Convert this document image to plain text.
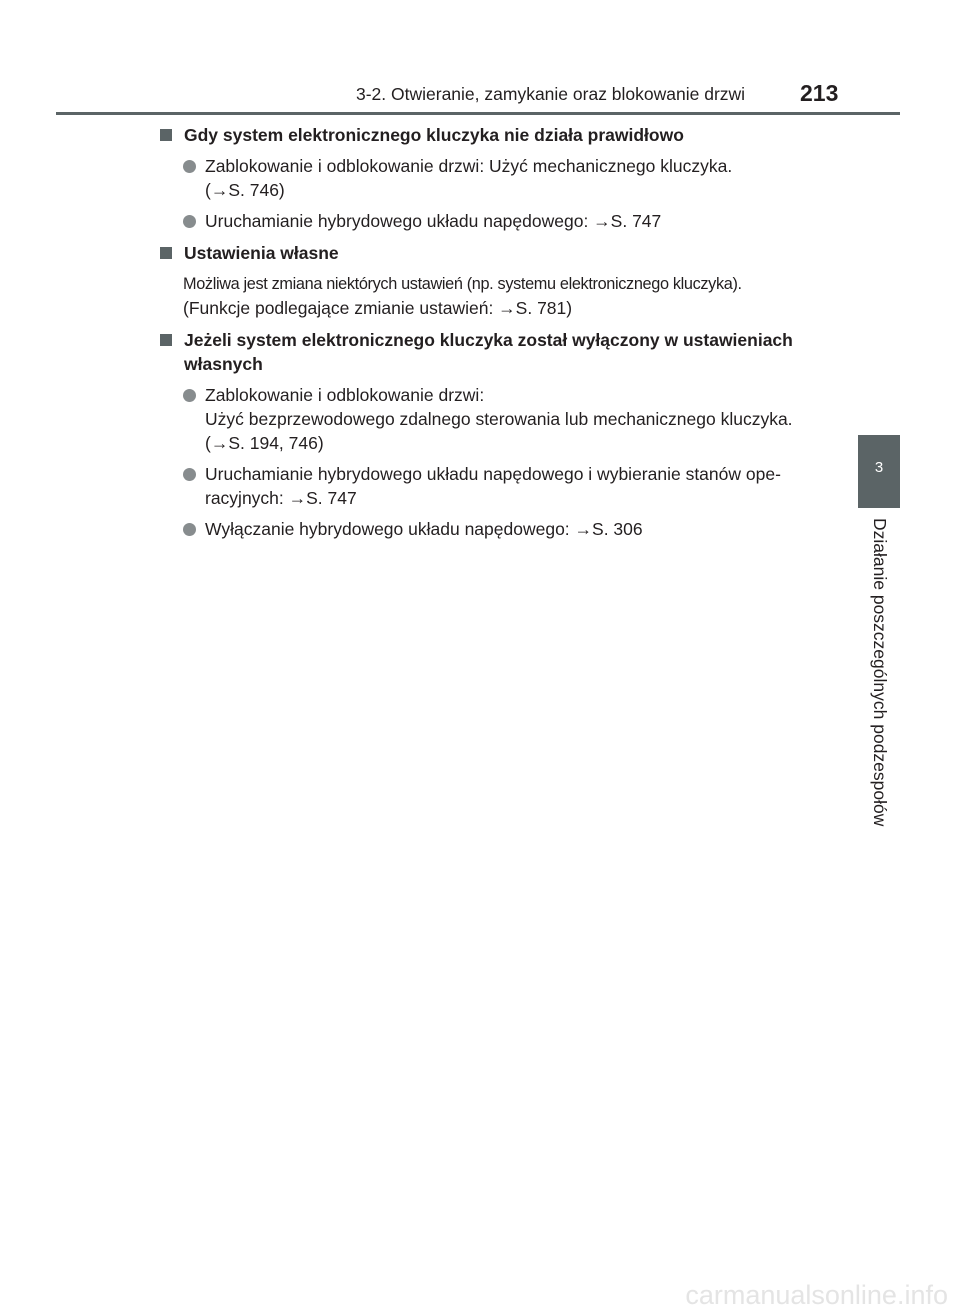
3-2. Otwieranie, zamykanie oraz blokowanie drzwi 213
Gdy system elektronicznego kluczyka nie działa prawidłowo
Zablokowanie i odblokowanie drzwi: Użyć mechanicznego kluczyka.
(→S. 746)
Uruchamianie hybrydowego układu napędowego: →S. 747
Ustawienia własne
Możliwa jest zmiana niektórych ustawień (np. systemu elektronicznego kluczyka).
(Funkcje podlegające zmianie ustawień: →S. 781)
Jeżeli system elektronicznego kluczyka został wyłączony w ustawieniach
własnych
Zablokowanie i odblokowanie drzwi:
Użyć bezprzewodowego zdalnego sterowania lub mechanicznego kluczyka.
(→S. 194, 746)
Uruchamianie hybrydowego układu napędowego i wybieranie stanów ope-
racyjnych: →S. 747
Wyłączanie hybrydowego układu napędowego: →S. 306
3
Działanie poszczególnych podzespołów
carmanualsonline.info
